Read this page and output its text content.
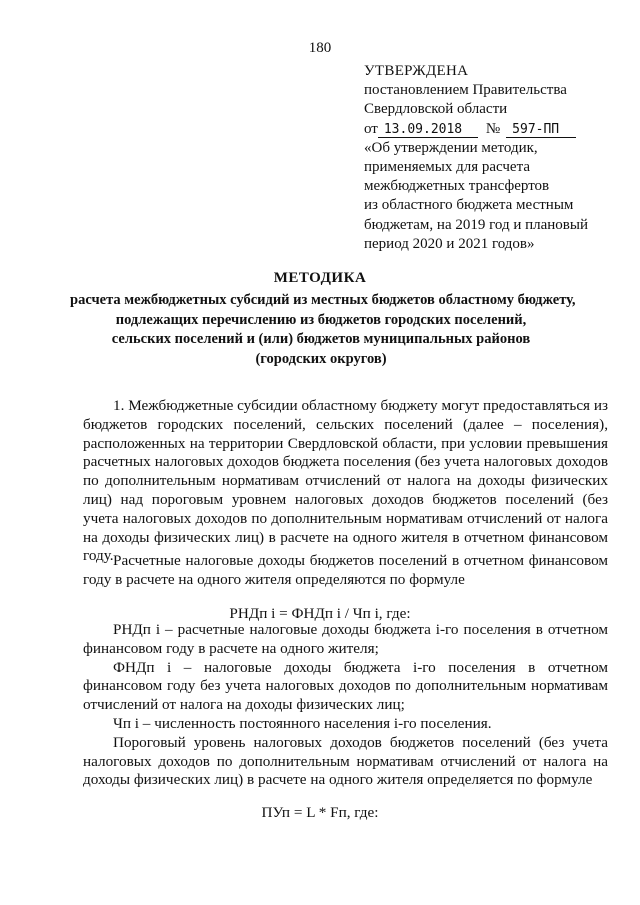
180
УТВЕРЖДЕНА
постановлением Правительства
Свердловской области
от 13.09.2018	№ 597-ПП
«Об утверждении методик,
применяемых для расчета
межбюджетных трансфертов
из областного бюджета местным
бюджетам, на 2019 год и плановый
период 2020 и 2021 годов»
МЕТОДИКА
расчета межбюджетных субсидий из местных бюджетов областному бюджету,
подлежащих перечислению из бюджетов городских поселений,
сельских поселений и (или) бюджетов муниципальных районов
(городских округов)

1. Межбюджетные субсидии областному бюджету могут предоставляться из бюджетов городских поселений, сельских поселений (далее – поселения), расположенных на территории Свердловской области, при условии превышения расчетных налоговых доходов бюджета поселения (без учета налоговых доходов по дополнительным нормативам отчислений от налога на доходы физических лиц) над пороговым уровнем налоговых доходов бюджетов поселений (без учета налоговых доходов по дополнительным нормативам отчислений от налога на доходы физических лиц) в расчете на одного жителя в отчетном финансовом году. Расчетные налоговые доходы бюджетов поселений в отчетном финансовом году в расчете на одного жителя определяются по формуле

РНДп i = ФНДп i / Чп i, где:

РНДп i – расчетные налоговые доходы бюджета i-го поселения в отчетном финансовом году в расчете на одного жителя;

ФНДп i – налоговые доходы бюджета i-го поселения в отчетном финансовом году без учета налоговых доходов по дополнительным нормативам отчислений от налога на доходы физических лиц;

Чп i – численность постоянного населения i-го поселения.

Пороговый уровень налоговых доходов бюджетов поселений (без учета налоговых доходов по дополнительным нормативам отчислений от налога на доходы физических лиц) в расчете на одного жителя определяется по формуле

ПУп = L * Fп, где:
